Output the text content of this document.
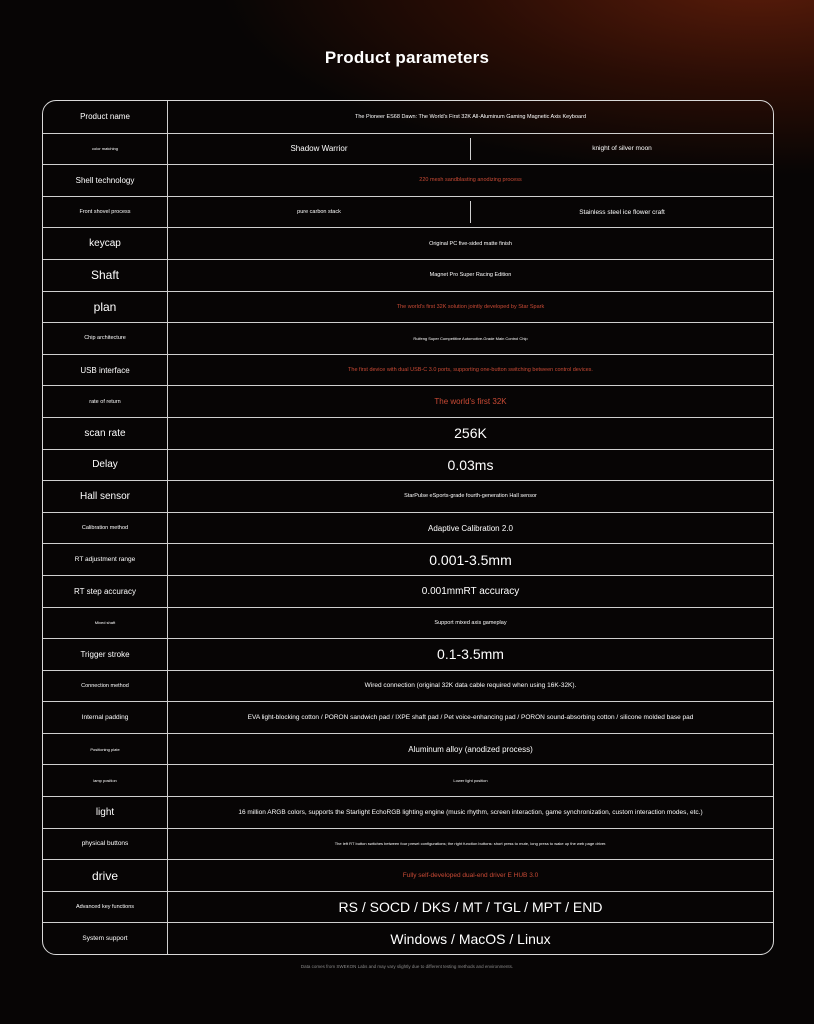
Product parameters
Product name	The Pioneer ES68 Dawn: The World's First 32K All-Aluminum Gaming Magnetic Axis Keyboard
color matching	Shadow Warrior	knight of silver moon
Shell technology	220 mesh sandblasting anodizing process
Front shovel process	pure carbon stack	Stainless steel ice flower craft
keycap	Original PC five-sided matte finish
Shaft	Magnet Pro Super Racing Edition
plan	The world's first 32K solution jointly developed by Star Spark
Chip architecture	Ruifeng Super Competitive Automotive-Grade Main Control Chip
USB interface	The first device with dual USB-C 3.0 ports, supporting one-button switching between control devices.
rate of return	The world's first 32K
scan rate	256K
Delay	0.03ms
Hall sensor	StarPulse eSports-grade fourth-generation Hall sensor
Calibration method	Adaptive Calibration 2.0
RT adjustment range	0.001-3.5mm
RT step accuracy	0.001mmRT accuracy
Mixed shaft	Support mixed axis gameplay
Trigger stroke	0.1-3.5mm
Connection method	Wired connection (original 32K data cable required when using 16K-32K).
Internal padding	EVA light-blocking cotton / PORON sandwich pad / IXPE shaft pad / Pet voice-enhancing pad / PORON sound-absorbing cotton / silicone molded base pad
Positioning plate	Aluminum alloy (anodized process)
lamp position	Lower light position
light	16 million ARGB colors, supports the Starlight EchoRGB lighting engine (music rhythm, screen interaction, game synchronization, custom interaction modes, etc.)
physical buttons	The left RT button switches between four preset configurations; the right function buttons: short press to mute, long press to wake up the web page driver.
drive	Fully self-developed dual-end driver E HUB 3.0
Advanced key functions	RS / SOCD / DKS / MT / TGL / MPT / END
System support	Windows / MacOS / Linux
Data comes from SWEKON Labs and may vary slightly due to different testing methods and environments.
